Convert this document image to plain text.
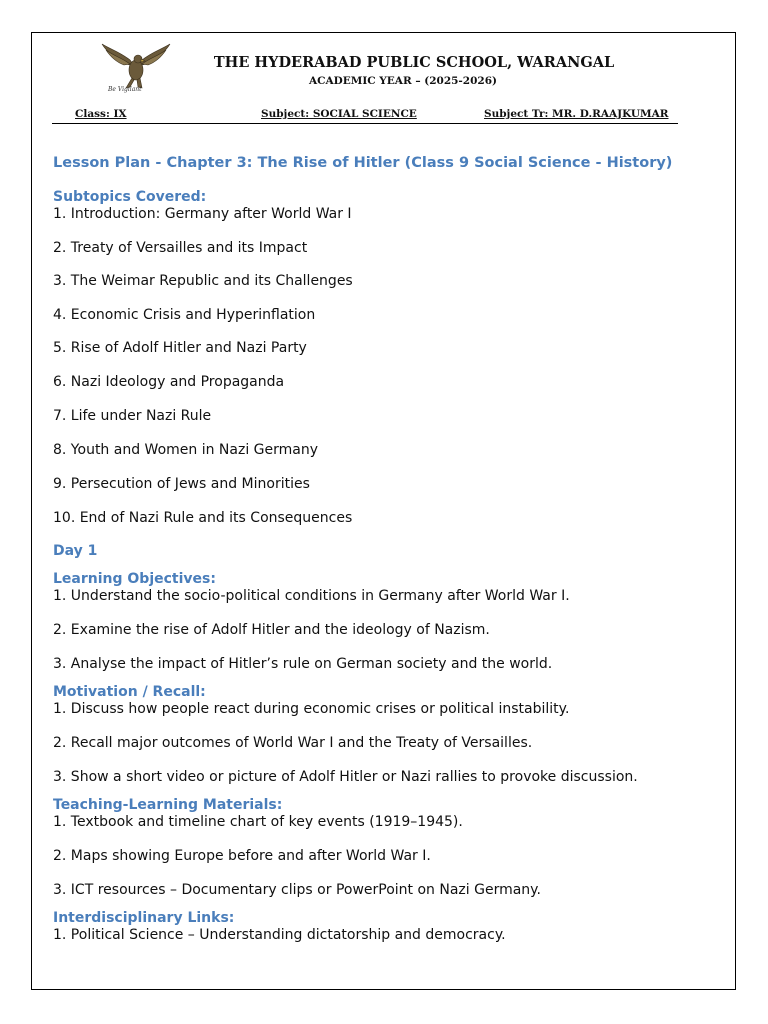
Be Vigilant
THE HYDERABAD PUBLIC SCHOOL, WARANGAL
ACADEMIC YEAR – (2025-2026)
Class: IX	Subject: SOCIAL SCIENCE	Subject Tr: MR. D.RAAJKUMAR

Lesson Plan - Chapter 3: The Rise of Hitler (Class 9 Social Science - History)

Subtopics Covered:

1. Introduction: Germany after World War I

2. Treaty of Versailles and its Impact

3. The Weimar Republic and its Challenges

4. Economic Crisis and Hyperinflation

5. Rise of Adolf Hitler and Nazi Party

6. Nazi Ideology and Propaganda

7. Life under Nazi Rule

8. Youth and Women in Nazi Germany

9. Persecution of Jews and Minorities

10. End of Nazi Rule and its Consequences

Day 1

Learning Objectives:

1. Understand the socio-political conditions in Germany after World War I.

2. Examine the rise of Adolf Hitler and the ideology of Nazism.

3. Analyse the impact of Hitler’s rule on German society and the world.

Motivation / Recall:

1. Discuss how people react during economic crises or political instability.

2. Recall major outcomes of World War I and the Treaty of Versailles.

3. Show a short video or picture of Adolf Hitler or Nazi rallies to provoke discussion.

Teaching-Learning Materials:

1. Textbook and timeline chart of key events (1919–1945).

2. Maps showing Europe before and after World War I.

3. ICT resources – Documentary clips or PowerPoint on Nazi Germany.

Interdisciplinary Links:

1. Political Science – Understanding dictatorship and democracy.
